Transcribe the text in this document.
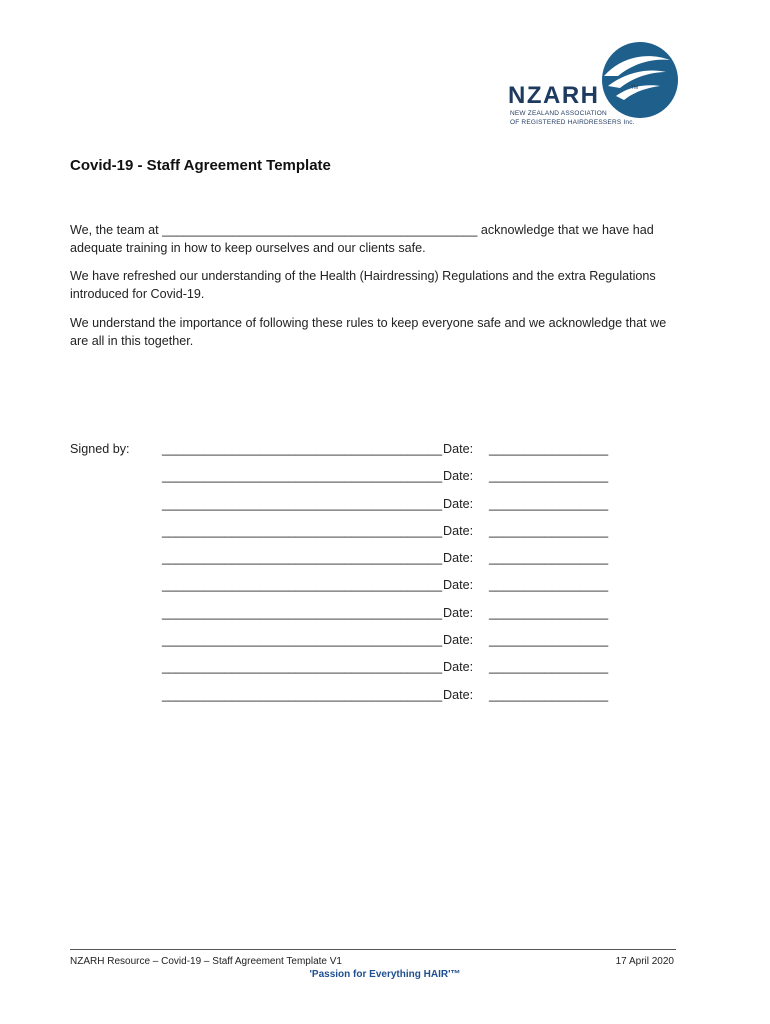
NZARH	TM
NEW ZEALAND ASSOCIATION
OF REGISTERED HAIRDRESSERS Inc.
Covid-19 - Staff Agreement Template

We, the team at _____________________________________________ acknowledge that we have had adequate training in how to keep ourselves and our clients safe.

We have refreshed our understanding of the Health (Hairdressing) Regulations and the extra Regulations introduced for Covid-19.

We understand the importance of following these rules to keep everyone safe and we acknowledge that we are all in this together.

Signed by:	________________________________________ Date: _________________
________________________________________ Date: _________________
________________________________________ Date: _________________
________________________________________ Date: _________________
________________________________________ Date: _________________
________________________________________ Date: _________________
________________________________________ Date: _________________
________________________________________ Date: _________________
________________________________________ Date: _________________
________________________________________ Date: _________________
NZARH Resource – Covid-19 – Staff Agreement Template V1	17 April 2020
'Passion for Everything HAIR'™
